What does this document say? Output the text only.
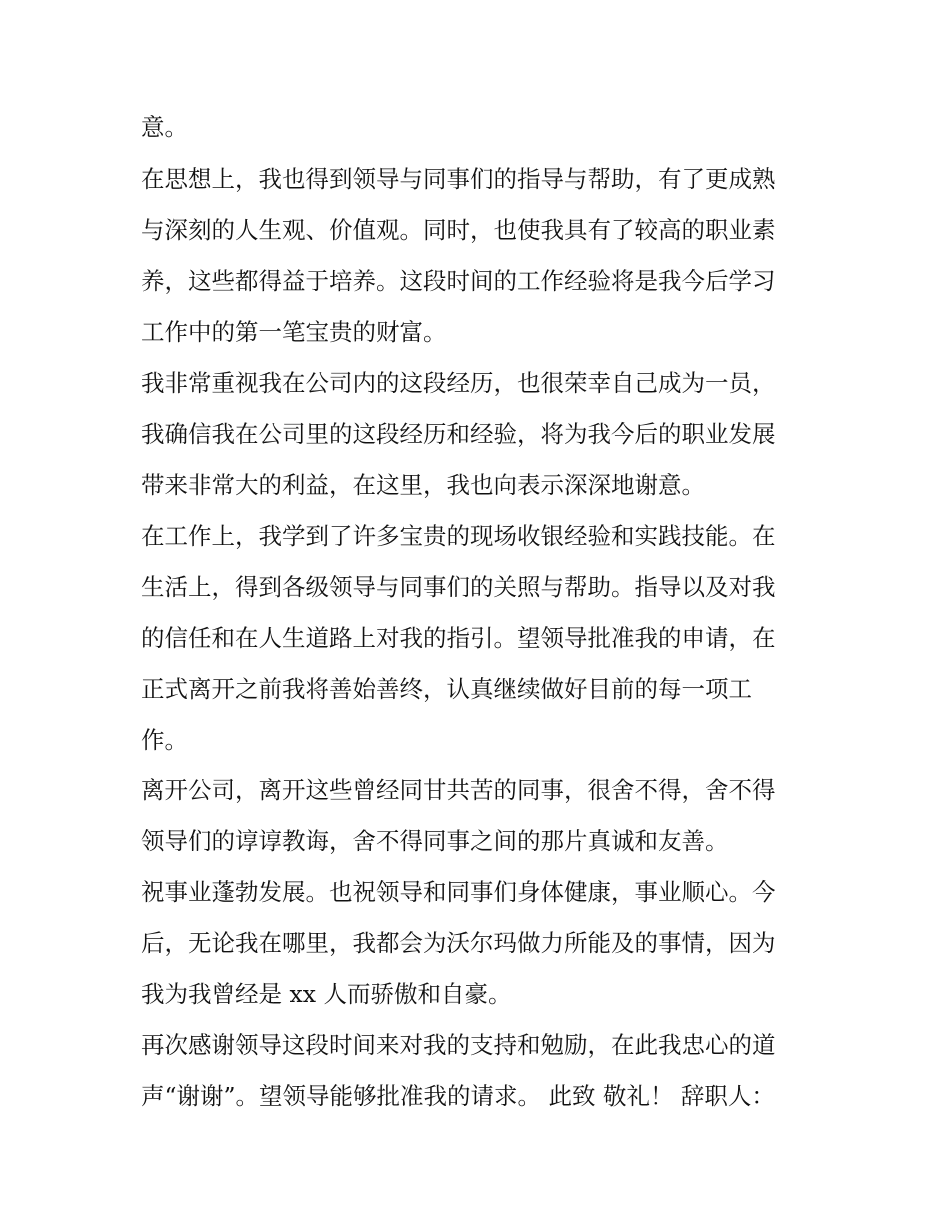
意。
在思想上，我也得到领导与同事们的指导与帮助，有了更成熟
与深刻的人生观、价值观。同时，也使我具有了较高的职业素
养，这些都得益于培养。这段时间的工作经验将是我今后学习
工作中的第一笔宝贵的财富。
我非常重视我在公司内的这段经历，也很荣幸自己成为一员，
我确信我在公司里的这段经历和经验，将为我今后的职业发展
带来非常大的利益，在这里，我也向表示深深地谢意。
在工作上，我学到了许多宝贵的现场收银经验和实践技能。在
生活上，得到各级领导与同事们的关照与帮助。指导以及对我
的信任和在人生道路上对我的指引。望领导批准我的申请，在
正式离开之前我将善始善终，认真继续做好目前的每一项工
作。
离开公司，离开这些曾经同甘共苦的同事，很舍不得，舍不得
领导们的谆谆教诲，舍不得同事之间的那片真诚和友善。
祝事业蓬勃发展。也祝领导和同事们身体健康，事业顺心。今
后，无论我在哪里，我都会为沃尔玛做力所能及的事情，因为
我为我曾经是 xx 人而骄傲和自豪。
再次感谢领导这段时间来对我的支持和勉励，在此我忠心的道
声“谢谢”。望领导能够批准我的请求。 此致 敬礼！ 辞职人：
